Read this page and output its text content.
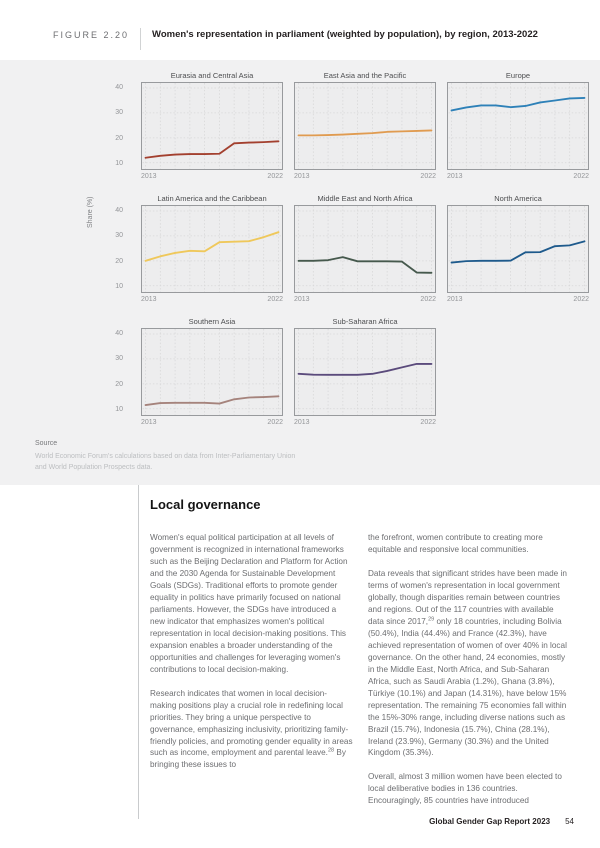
FIGURE 2.20 Women's representation in parliament (weighted by population), by region, 2013-2022
Share (%)
40
30
20
10
Eurasia and Central Asia
2013	2022
East Asia and the Pacific
2013	2022
Europe
2013	2022
40
30
20
10
Latin America and the Caribbean
2013	2022
Middle East and North Africa
2013	2022
North America
2013	2022
40
30
20
10
Southern Asia
2013	2022
Sub-Saharan Africa
2013	2022
Source
World Economic Forum's calculations based on data from Inter-Parliamentary Union and World Population Prospects data.
Local governance

Women's equal political participation at all levels of government is recognized in international frameworks such as the Beijing Declaration and Platform for Action and the 2030 Agenda for Sustainable Development Goals (SDGs). Traditional efforts to promote gender equality in politics have primarily focused on national parliaments. However, the SDGs have introduced a new indicator that emphasizes women's political representation in local decision-making positions. This expansion enables a broader understanding of the opportunities and challenges for leveraging women's contributions to local decision-making.

Research indicates that women in local decision-making positions play a crucial role in redefining local priorities. They bring a unique perspective to governance, emphasizing inclusivity, prioritizing family-friendly policies, and promoting gender equality in areas such as income, employment and parental leave.$^{28}$ By bringing these issues to

the forefront, women contribute to creating more equitable and responsive local communities.

Data reveals that significant strides have been made in terms of women's representation in local government globally, though disparities remain between countries and regions. Out of the 117 countries with available data since 2017,29 only 18 countries, including Bolivia (50.4%), India (44.4%) and France (42.3%), have achieved representation of women of over 40% in local governance. On the other hand, 24 economies, mostly in the Middle East, North Africa, and Sub-Saharan Africa, such as Saudi Arabia (1.2%), Ghana (3.8%), Türkiye (10.1%) and Japan (14.31%), have below 15% representation. The remaining 75 economies fall within the 15%-30% range, including diverse nations such as Brazil (15.7%), Indonesia (15.7%), China (28.1%), Ireland (23.9%), Germany (30.3%) and the United Kingdom (35.3%).

Overall, almost 3 million women have been elected to local deliberative bodies in 136 countries. Encouragingly, 85 countries have introduced

Global Gender Gap Report 2023 54
